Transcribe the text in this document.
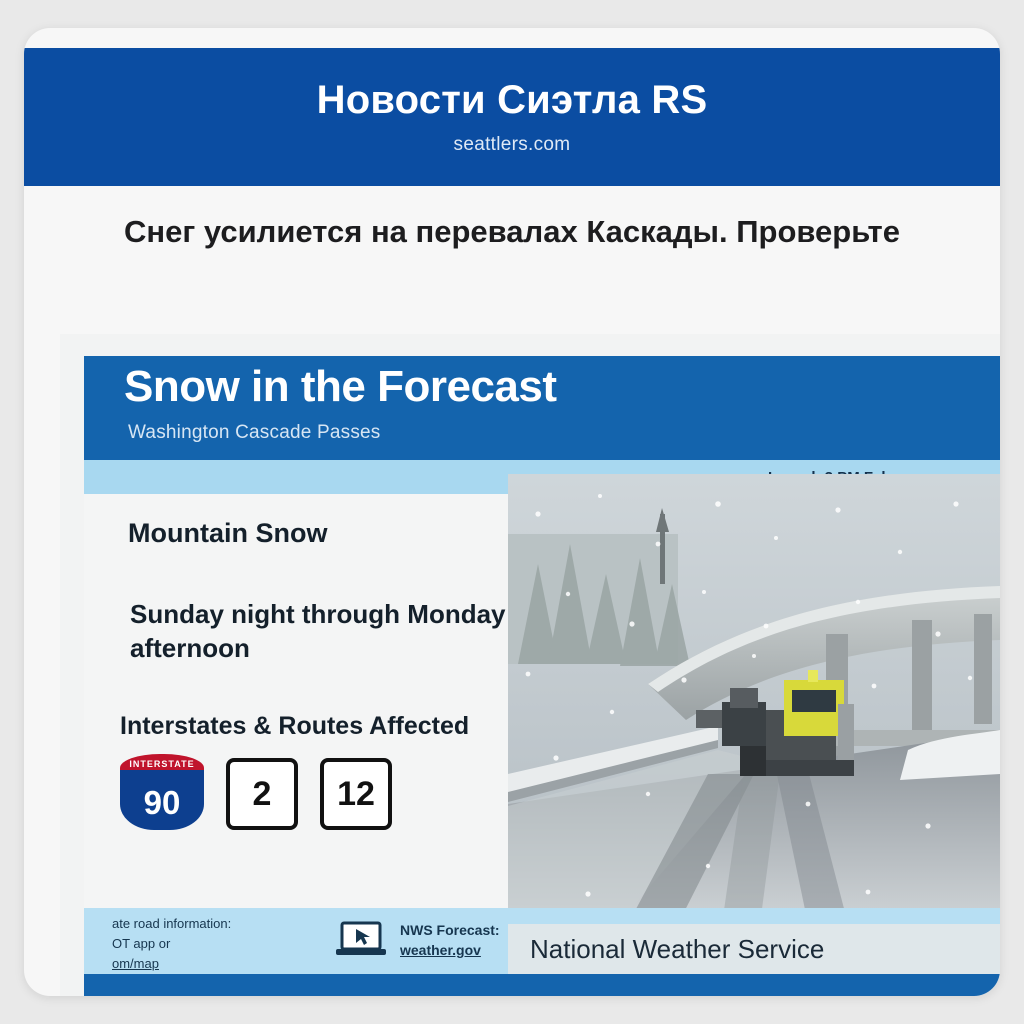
Новости Сиэтла RS
seattlers.com
Снег усилиется на перевалах Каскады. Проверьте
Snow in the Forecast
Washington Cascade Passes
Mountain Snow
Sunday night through Monday afternoon
Interstates & Routes Affected
INTERSTATE
90	2 12
ate road information:
OT app or
om/map
NWS Forecast:
weather.gov	National Weather Service
